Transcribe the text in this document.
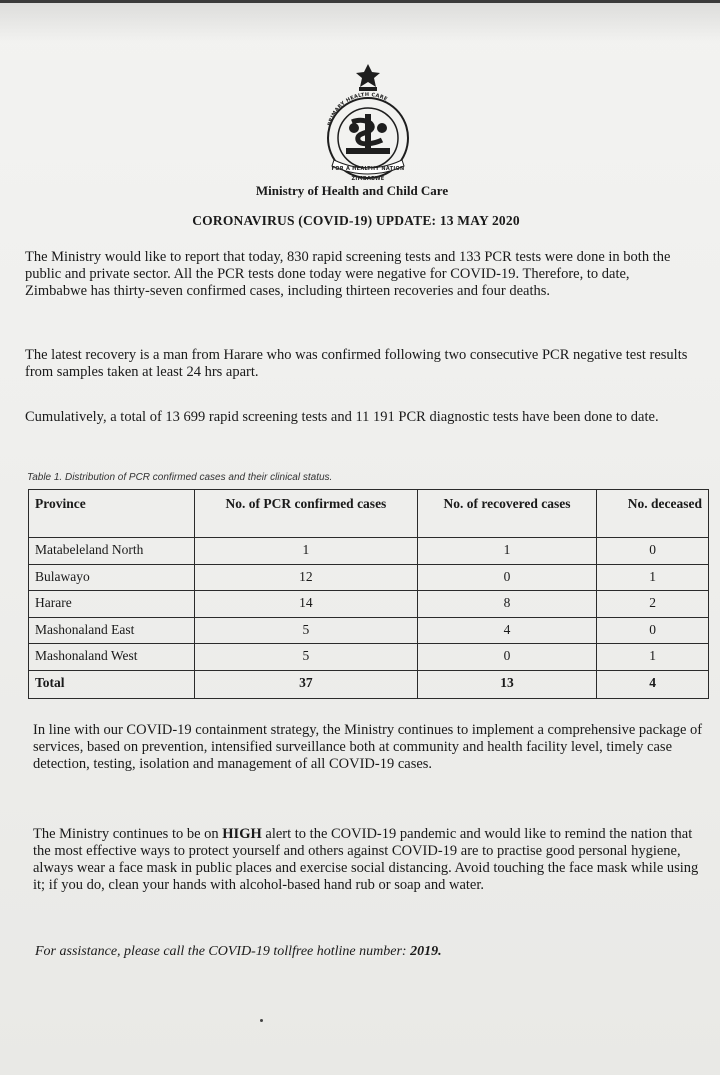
PRIMARY HEALTH CARE
FOR A HEALTHY NATION
ZIMBABWE

Ministry of Health and Child Care

CORONAVIRUS (COVID-19) UPDATE: 13 MAY 2020

The Ministry would like to report that today, 830 rapid screening tests and 133 PCR tests were done in both the public and private sector. All the PCR tests done today were negative for COVID-19. Therefore, to date, Zimbabwe has thirty-seven confirmed cases, including thirteen recoveries and four deaths.

The latest recovery is a man from Harare who was confirmed following two consecutive PCR negative test results from samples taken at least 24 hrs apart.

Cumulatively, a total of 13 699 rapid screening tests and 11 191 PCR diagnostic tests have been done to date.

Table 1. Distribution of PCR confirmed cases and their clinical status.

Province	No. of PCR confirmed cases	No. of recovered cases	No. deceased
Matabeleland North	1	1	0
Bulawayo	12	0	1
Harare	14	8	2
Mashonaland East	5	4	0
Mashonaland West	5	0	1
Total	37	13	4

In line with our COVID-19 containment strategy, the Ministry continues to implement a comprehensive package of services, based on prevention, intensified surveillance both at community and health facility level, timely case detection, testing, isolation and management of all COVID-19 cases.

The Ministry continues to be on HIGH alert to the COVID-19 pandemic and would like to remind the nation that the most effective ways to protect yourself and others against COVID-19 are to practise good personal hygiene, always wear a face mask in public places and exercise social distancing. Avoid touching the face mask while using it; if you do, clean your hands with alcohol-based hand rub or soap and water.

For assistance, please call the COVID-19 tollfree hotline number: 2019.
